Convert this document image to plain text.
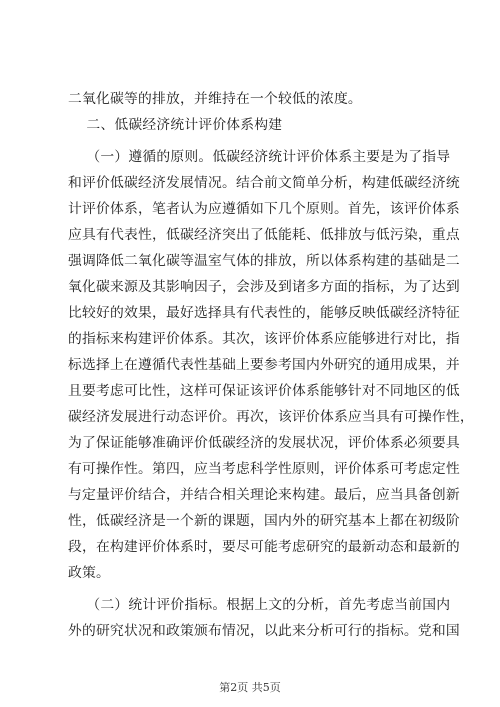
二氧化碳等的排放，并维持在一个较低的浓度。
二、低碳经济统计评价体系构建
（一）遵循的原则。低碳经济统计评价体系主要是为了指导
和评价低碳经济发展情况。结合前文简单分析，构建低碳经济统
计评价体系，笔者认为应遵循如下几个原则。首先，该评价体系
应具有代表性，低碳经济突出了低能耗、低排放与低污染，重点
强调降低二氧化碳等温室气体的排放，所以体系构建的基础是二
氧化碳来源及其影响因子，会涉及到诸多方面的指标，为了达到
比较好的效果，最好选择具有代表性的，能够反映低碳经济特征
的指标来构建评价体系。其次，该评价体系应能够进行对比，指
标选择上在遵循代表性基础上要参考国内外研究的通用成果，并
且要考虑可比性，这样可保证该评价体系能够针对不同地区的低
碳经济发展进行动态评价。再次，该评价体系应当具有可操作性，
为了保证能够准确评价低碳经济的发展状况，评价体系必须要具
有可操作性。第四，应当考虑科学性原则，评价体系可考虑定性
与定量评价结合，并结合相关理论来构建。最后，应当具备创新
性，低碳经济是一个新的课题，国内外的研究基本上都在初级阶
段，在构建评价体系时，要尽可能考虑研究的最新动态和最新的
政策。
（二）统计评价指标。根据上文的分析，首先考虑当前国内
外的研究状况和政策颁布情况，以此来分析可行的指标。党和国
第2页 共5页
